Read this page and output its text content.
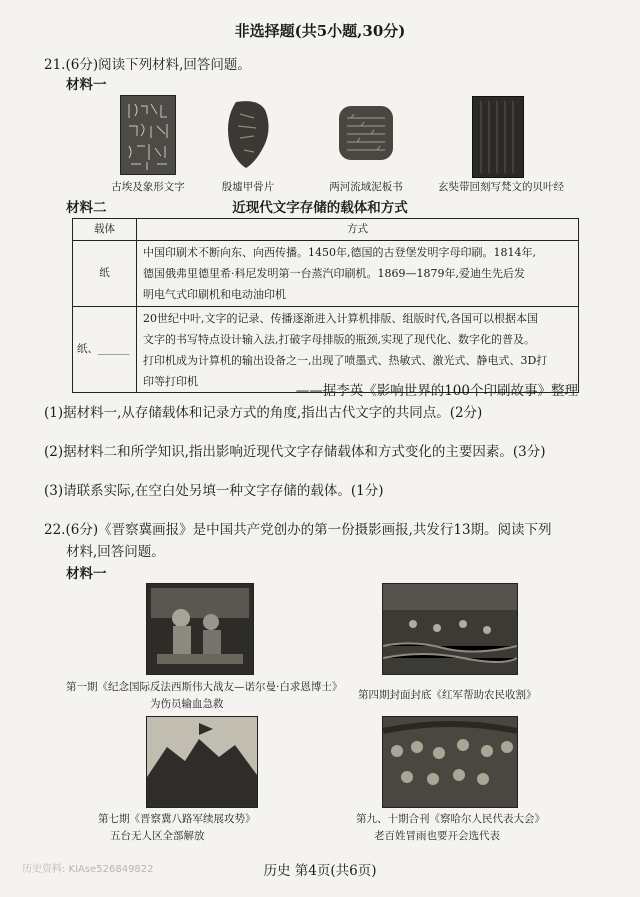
非选择题(共5小题,30分)
21.(6分)阅读下列材料,回答问题。
材料一
古埃及象形文字	殷墟甲骨片	两河流域泥板书	玄奘带回刻写梵文的贝叶经
材料二	近现代文字存储的载体和方式
载体	方式
纸	中国印刷术不断向东、向西传播。1450年,德国的古登堡发明字母印刷。1814年,
德国俄弗里德里希·科尼发明第一台蒸汽印刷机。1869—1879年,爱迪生先后发
明电气式印刷机和电动油印机

纸、______	20世纪中叶,文字的记录、传播逐渐进入计算机排版、组版时代,各国可以根据本国
文字的书写特点设计输入法,打破字母排版的瓶颈,实现了现代化、数字化的普及。
打印机成为计算机的输出设备之一,出现了喷墨式、热敏式、激光式、静电式、3D打
印等打印机
——据李英《影响世界的100个印刷故事》整理
(1)据材料一,从存储载体和记录方式的角度,指出古代文字的共同点。(2分)
(2)据材料二和所学知识,指出影响近现代文字存储载体和方式变化的主要因素。(3分)
(3)请联系实际,在空白处另填一种文字存储的载体。(1分)
22.(6分)《晋察冀画报》是中国共产党创办的第一份摄影画报,共发行13期。阅读下列
材料,回答问题。
材料一
第一期《纪念国际反法西斯伟大战友—诺尔曼·白求恩博士》
为伤员输血急救
第四期封面封底《红军帮助农民收割》
第七期《晋察冀八路军续展攻势》
五台无人区全部解放
第九、十期合刊《察哈尔人民代表大会》
老百姓冒雨也要开会选代表
历史资料: KIAse526849822	历史 第4页(共6页)
